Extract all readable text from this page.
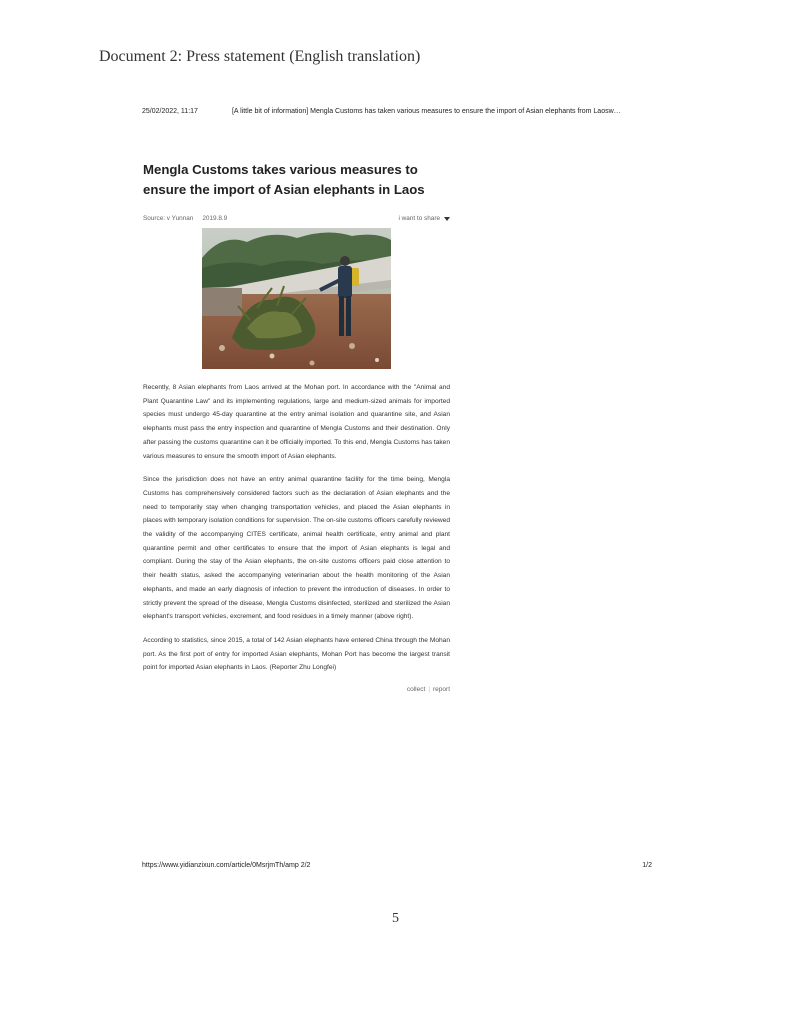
Document 2: Press statement (English translation)
25/02/2022, 11:17	[A little bit of information] Mengla Customs has taken various measures to ensure the import of Asian elephants from Laosw…
Mengla Customs takes various measures to ensure the import of Asian elephants in Laos
Source: v Yunnan 2019.8.9	i want to share

Recently, 8 Asian elephants from Laos arrived at the Mohan port. In accordance with the "Animal and Plant Quarantine Law" and its implementing regulations, large and medium-sized animals for imported species must undergo 45-day quarantine at the entry animal isolation and quarantine site, and Asian elephants must pass the entry inspection and quarantine of Mengla Customs and their destination. Only after passing the customs quarantine can it be officially imported. To this end, Mengla Customs has taken various measures to ensure the smooth import of Asian elephants.

Since the jurisdiction does not have an entry animal quarantine facility for the time being, Mengla Customs has comprehensively considered factors such as the declaration of Asian elephants and the need to temporarily stay when changing transportation vehicles, and placed the Asian elephants in places with temporary isolation conditions for supervision. The on-site customs officers carefully reviewed the validity of the accompanying CITES certificate, animal health certificate, entry animal and plant quarantine permit and other certificates to ensure that the import of Asian elephants is legal and compliant. During the stay of the Asian elephants, the on-site customs officers paid close attention to their health status, asked the accompanying veterinarian about the health monitoring of the Asian elephants, and made an early diagnosis of infection to prevent the introduction of diseases. In order to strictly prevent the spread of the disease, Mengla Customs disinfected, sterilized and sterilized the Asian elephant's transport vehicles, excrement, and food residues in a timely manner (above right).

According to statistics, since 2015, a total of 142 Asian elephants have entered China through the Mohan port. As the first port of entry for imported Asian elephants, Mohan Port has become the largest transit point for imported Asian elephants in Laos. (Reporter Zhu Longfei)

collect | report
https://www.yidianzixun.com/article/0MsrjmTh/amp 2/2	1/2
5
